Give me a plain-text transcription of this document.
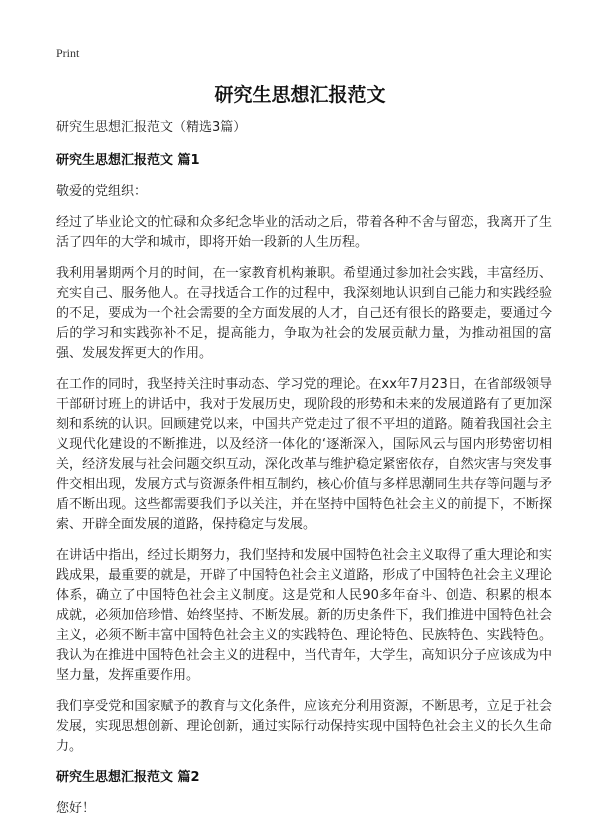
Print
研究生思想汇报范文

研究生思想汇报范文（精选3篇）

研究生思想汇报范文 篇1

敬爱的党组织：

经过了毕业论文的忙碌和众多纪念毕业的活动之后，带着各种不舍与留恋，我离开了生活了四年的大学和城市，即将开始一段新的人生历程。

我利用暑期两个月的时间，在一家教育机构兼职。希望通过参加社会实践，丰富经历、充实自己、服务他人。在寻找适合工作的过程中，我深刻地认识到自己能力和实践经验的不足，要成为一个社会需要的全方面发展的人才，自己还有很长的路要走，要通过今后的学习和实践弥补不足，提高能力，争取为社会的发展贡献力量，为推动祖国的富强、发展发挥更大的作用。

在工作的同时，我坚持关注时事动态、学习党的理论。在xx年7月23日，在省部级领导干部研讨班上的讲话中，我对于发展历史，现阶段的形势和未来的发展道路有了更加深刻和系统的认识。回顾建党以来，中国共产党走过了很不平坦的道路。随着我国社会主义现代化建设的不断推进，以及经济一体化的‘逐渐深入，国际风云与国内形势密切相关，经济发展与社会问题交织互动，深化改革与维护稳定紧密依存，自然灾害与突发事件交相出现，发展方式与资源条件相互制约，核心价值与多样思潮同生共存等问题与矛盾不断出现。这些都需要我们予以关注，并在坚持中国特色社会主义的前提下，不断探索、开辟全面发展的道路，保持稳定与发展。

在讲话中指出，经过长期努力，我们坚持和发展中国特色社会主义取得了重大理论和实践成果，最重要的就是，开辟了中国特色社会主义道路，形成了中国特色社会主义理论体系，确立了中国特色社会主义制度。这是党和人民90多年奋斗、创造、积累的根本成就，必须加倍珍惜、始终坚持、不断发展。新的历史条件下，我们推进中国特色社会主义，必须不断丰富中国特色社会主义的实践特色、理论特色、民族特色、实践特色。我认为在推进中国特色社会主义的进程中，当代青年，大学生，高知识分子应该成为中坚力量，发挥重要作用。

我们享受党和国家赋予的教育与文化条件，应该充分利用资源，不断思考，立足于社会发展，实现思想创新、理论创新，通过实际行动保持实现中国特色社会主义的长久生命力。

研究生思想汇报范文 篇2

您好！
